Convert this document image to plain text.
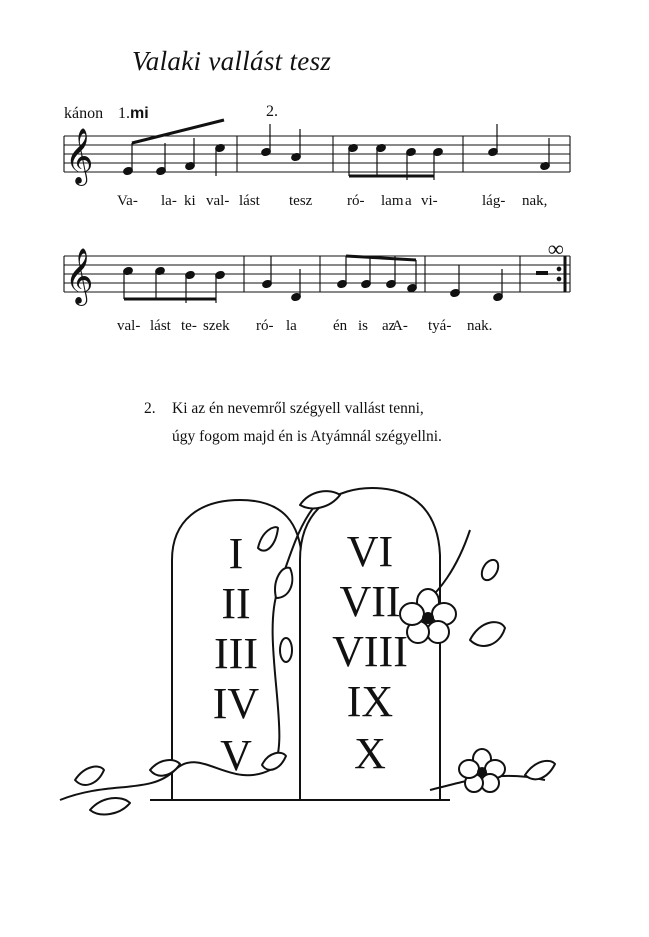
Valaki vallást tesz
kánon 1.mi	2.
∞
𝄞
𝄞
Va- la- ki val- lást tesz ró- lam a vi-	lág- nak,
val- lást te- szek ró- la én is az
A- tyá- nak.
2. Ki az én nevemről szégyell vallást tenni,
úgy fogom majd én is Atyámnál szégyellni.
I
II
III
IV
V
VI
VII
VIII
IX
X
